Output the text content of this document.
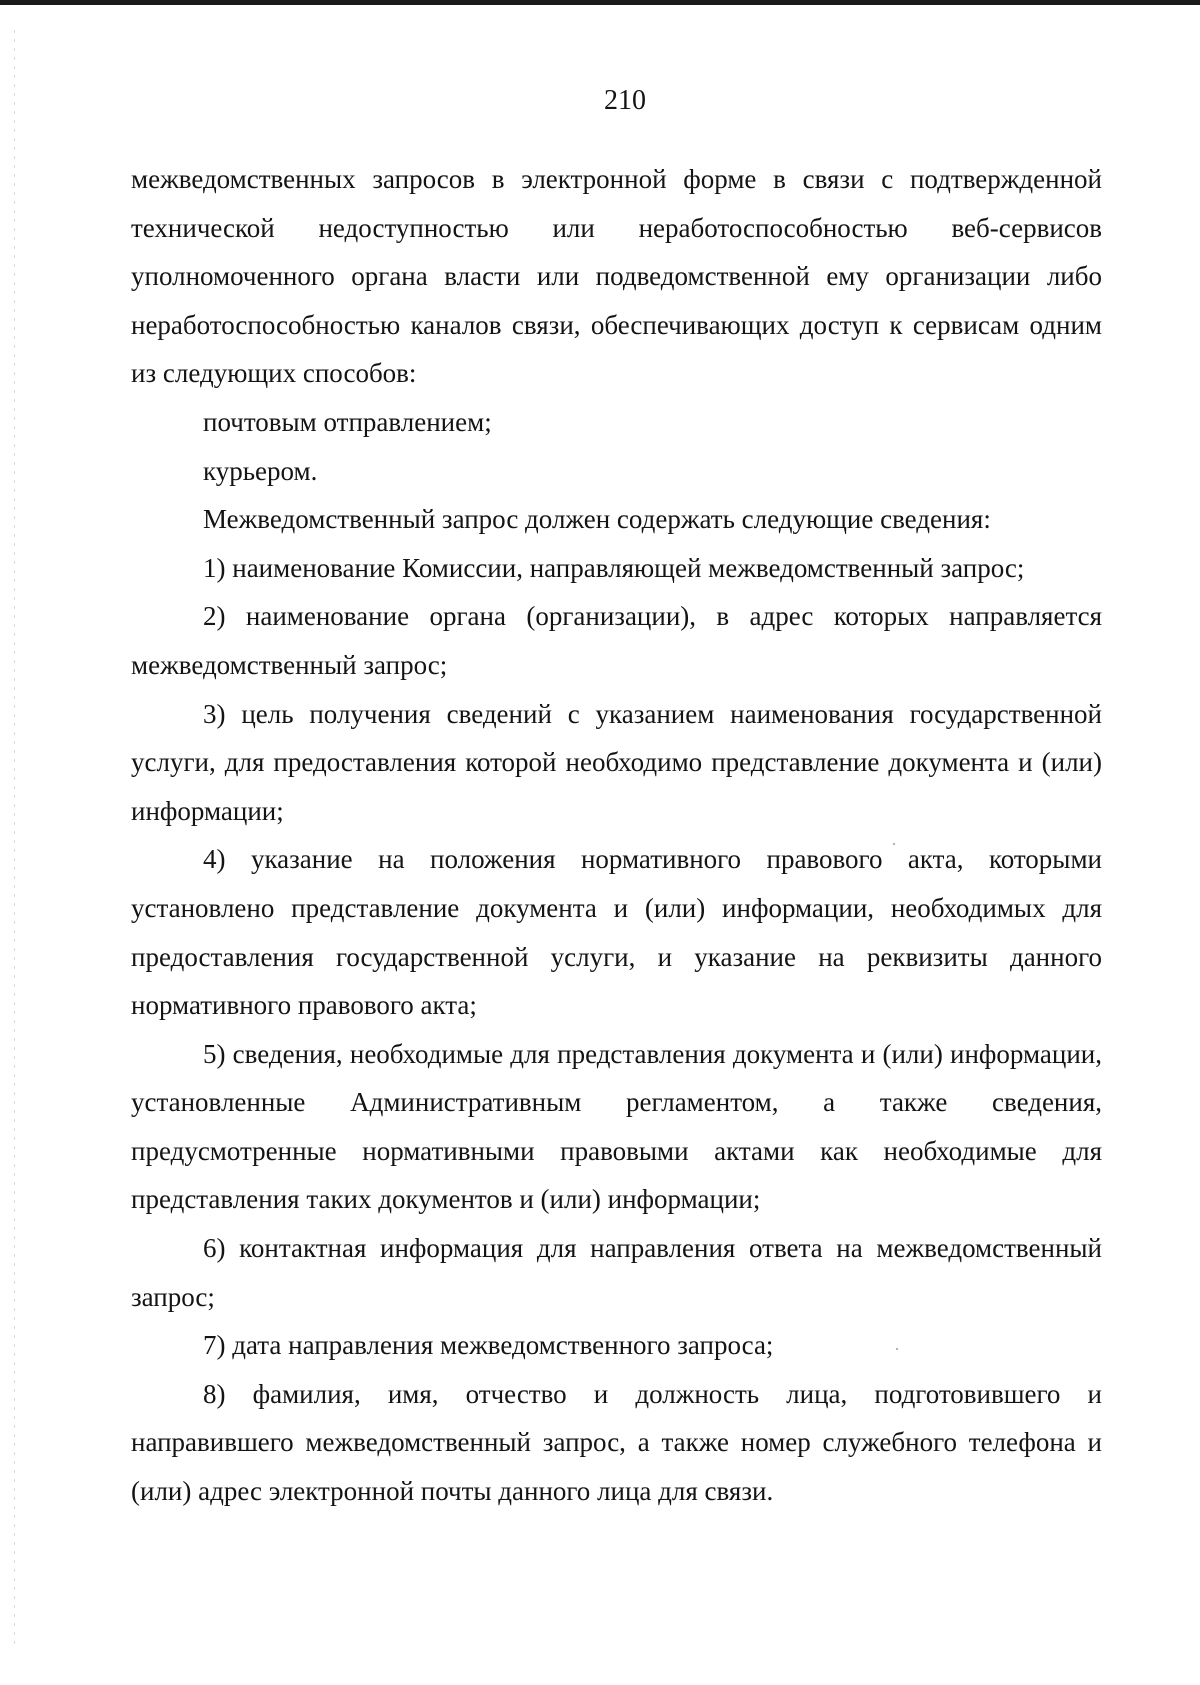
210

межведомственных запросов в электронной форме в связи с подтвержденной технической недоступностью или неработоспособностью веб-сервисов уполномоченного органа власти или подведомственной ему организации либо неработоспособностью каналов связи, обеспечивающих доступ к сервисам одним из следующих способов:

почтовым отправлением;

курьером.

Межведомственный запрос должен содержать следующие сведения:

1) наименование Комиссии, направляющей межведомственный запрос;

2) наименование органа (организации), в адрес которых направляется межведомственный запрос;

3) цель получения сведений с указанием наименования государственной услуги, для предоставления которой необходимо представление документа и (или) информации;

4) указание на положения нормативного правового акта, которыми установлено представление документа и (или) информации, необходимых для предоставления государственной услуги, и указание на реквизиты данного нормативного правового акта;

5) сведения, необходимые для представления документа и (или) информации, установленные Административным регламентом, а также сведения, предусмотренные нормативными правовыми актами как необходимые для представления таких документов и (или) информации;

6) контактная информация для направления ответа на межведомственный запрос;

7) дата направления межведомственного запроса;

8) фамилия, имя, отчество и должность лица, подготовившего и направившего межведомственный запрос, а также номер служебного телефона и (или) адрес электронной почты данного лица для связи.
